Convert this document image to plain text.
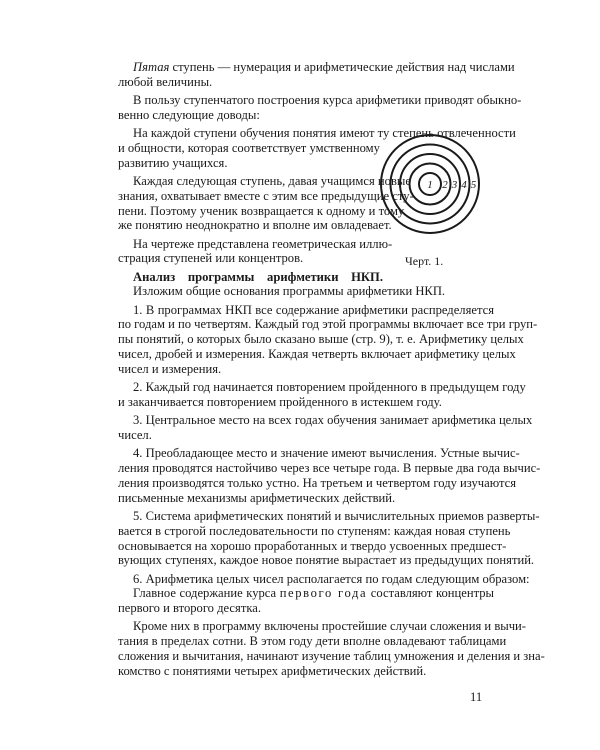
Пятая ступень — нумерация и арифметические действия над числами
любой величины.
В пользу ступенчатого построения курса арифметики приводят обыкно-
венно следующие доводы:
На каждой ступени обучения понятия имеют ту степень отвлеченности
и общности, которая соответствует умственному
развитию учащихся.
Каждая следующая ступень, давая учащимся новые
знания, охватывает вместе с этим все предыдущие сту-
пени. Поэтому ученик возвращается к одному и тому
же понятию неоднократно и вполне им овладевает.
На чертеже представлена геометрическая иллю-
страция ступеней или концентров.
Анализ программы арифметики НКП.
Изложим общие основания программы арифметики НКП.
1. В программах НКП все содержание арифметики распределяется
по годам и по четвертям. Каждый год этой программы включает все три груп-
пы понятий, о которых было сказано выше (стр. 9), т. е. Арифметику целых
чисел, дробей и измерения. Каждая четверть включает арифметику целых
чисел и измерения.
2. Каждый год начинается повторением пройденного в предыдущем году
и заканчивается повторением пройденного в истекшем году.
3. Центральное место на всех годах обучения занимает арифметика целых
чисел.
4. Преобладающее место и значение имеют вычисления. Устные вычис-
ления проводятся настойчиво через все четыре года. В первые два года вычис-
ления производятся только устно. На третьем и четвертом году изучаются
письменные механизмы арифметических действий.
5. Система арифметических понятий и вычислительных приемов разверты-
вается в строгой последовательности по ступеням: каждая новая ступень
основывается на хорошо проработанных и твердо усвоенных предшест-
вующих ступенях, каждое новое понятие вырастает из предыдущих понятий.
6. Арифметика целых чисел располагается по годам следующим образом:
Главное содержание курса первого года составляют концентры
первого и второго десятка.
Кроме них в программу включены простейшие случаи сложения и вычи-
тания в пределах сотни. В этом году дети вполне овладевают таблицами
сложения и вычитания, начинают изучение таблиц умножения и деления и зна-
комство с понятиями четырех арифметических действий.
1 2 3 4 5
Черт. 1.
11
